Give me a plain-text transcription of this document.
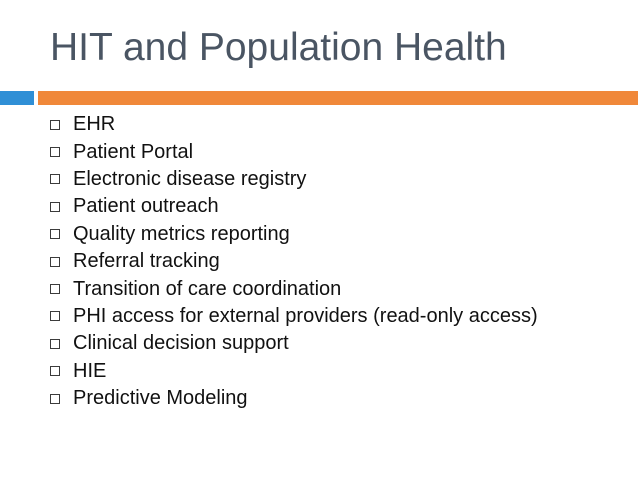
HIT and Population Health
EHR
Patient Portal
Electronic disease registry
Patient outreach
Quality metrics reporting
Referral tracking
Transition of care coordination
PHI access for external providers (read-only access)
Clinical decision support
HIE
Predictive Modeling
